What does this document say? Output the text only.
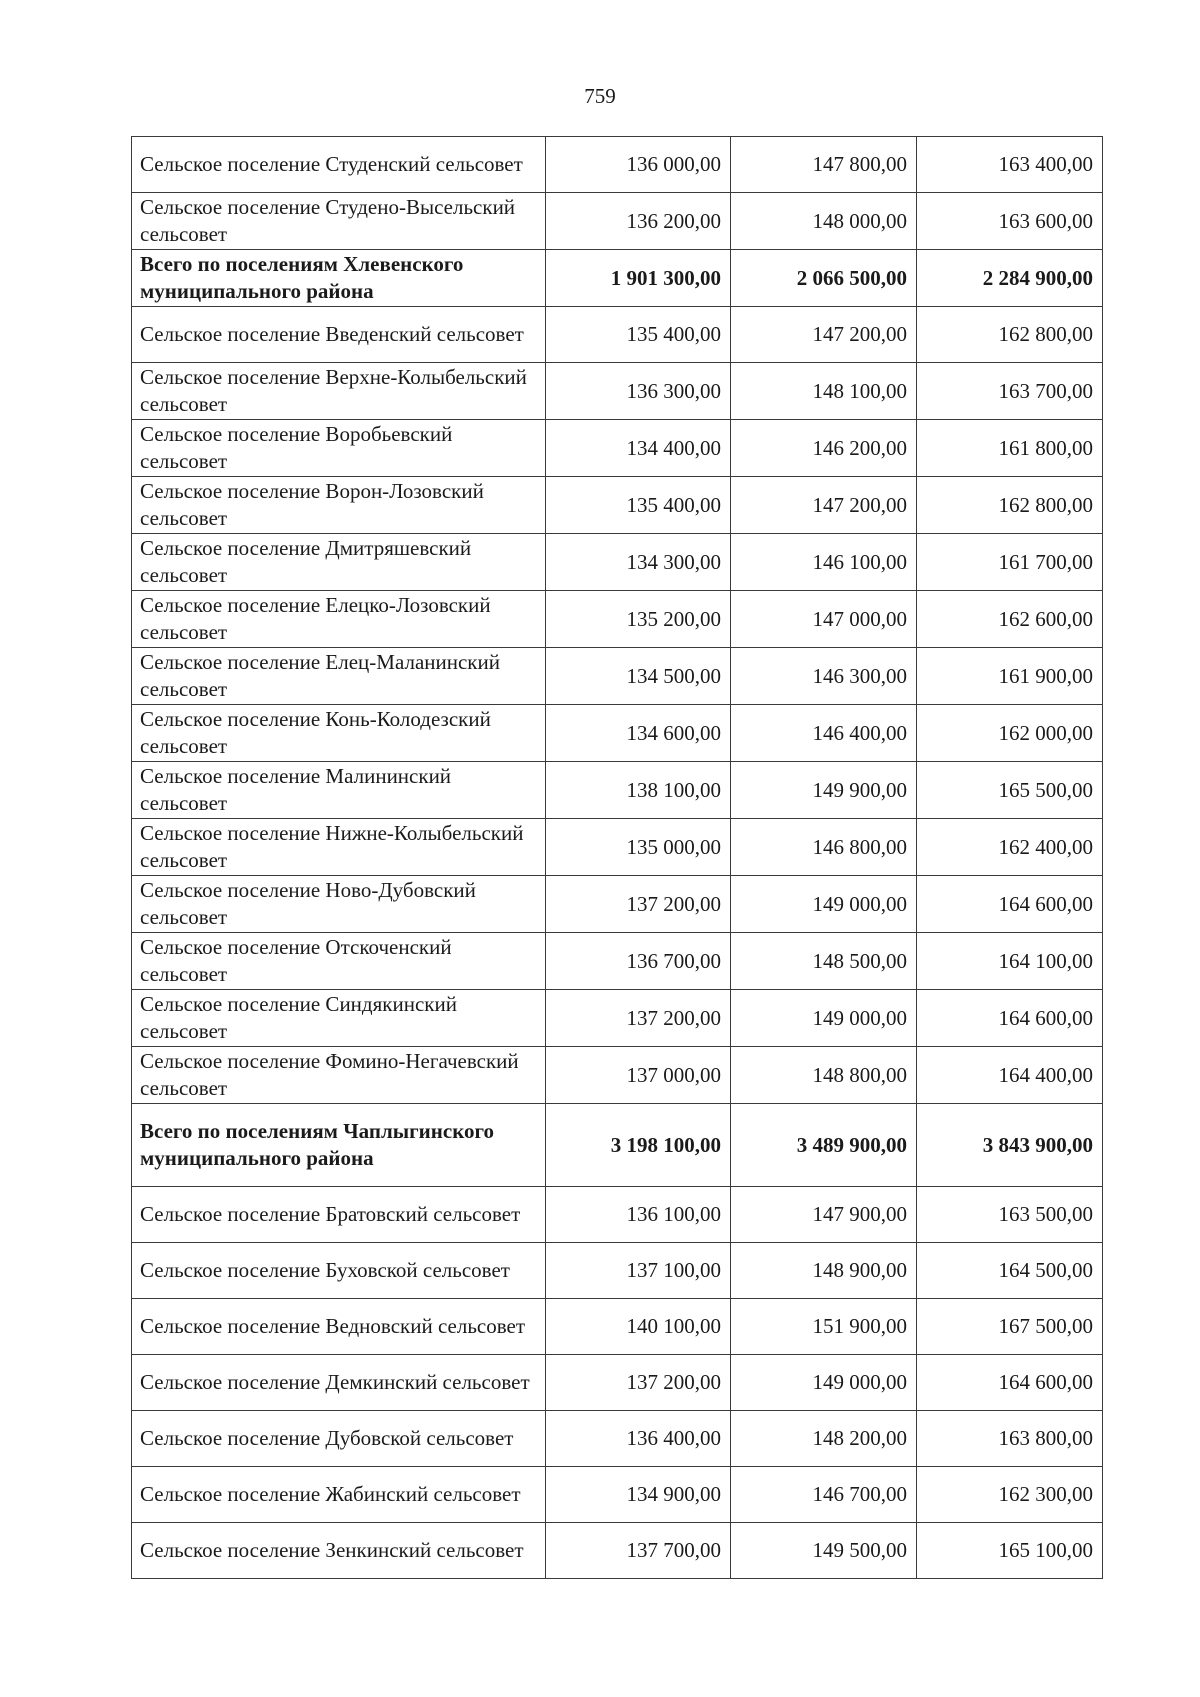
759
Сельское поселение Студенский сельсовет	136 000,00	147 800,00	163 400,00
Сельское поселение Студено-Высельский сельсовет	136 200,00	148 000,00	163 600,00
Всего по поселениям Хлевенского муниципального района	1 901 300,00	2 066 500,00	2 284 900,00
Сельское поселение Введенский сельсовет	135 400,00	147 200,00	162 800,00
Сельское поселение Верхне-Колыбельский сельсовет	136 300,00	148 100,00	163 700,00
Сельское поселение Воробьевский сельсовет	134 400,00	146 200,00	161 800,00
Сельское поселение Ворон-Лозовский сельсовет	135 400,00	147 200,00	162 800,00
Сельское поселение Дмитряшевский сельсовет	134 300,00	146 100,00	161 700,00
Сельское поселение Елецко-Лозовский сельсовет	135 200,00	147 000,00	162 600,00
Сельское поселение Елец-Маланинский сельсовет	134 500,00	146 300,00	161 900,00
Сельское поселение Конь-Колодезский сельсовет	134 600,00	146 400,00	162 000,00
Сельское поселение Малининский сельсовет	138 100,00	149 900,00	165 500,00
Сельское поселение Нижне-Колыбельский сельсовет	135 000,00	146 800,00	162 400,00
Сельское поселение Ново-Дубовский сельсовет	137 200,00	149 000,00	164 600,00
Сельское поселение Отскоченский сельсовет	136 700,00	148 500,00	164 100,00
Сельское поселение Синдякинский сельсовет	137 200,00	149 000,00	164 600,00
Сельское поселение Фомино-Негачевский сельсовет	137 000,00	148 800,00	164 400,00
Всего по поселениям Чаплыгинского муниципального района	3 198 100,00	3 489 900,00	3 843 900,00
Сельское поселение Братовский сельсовет	136 100,00	147 900,00	163 500,00
Сельское поселение Буховской сельсовет	137 100,00	148 900,00	164 500,00
Сельское поселение Ведновский сельсовет	140 100,00	151 900,00	167 500,00
Сельское поселение Демкинский сельсовет	137 200,00	149 000,00	164 600,00
Сельское поселение Дубовской сельсовет	136 400,00	148 200,00	163 800,00
Сельское поселение Жабинский сельсовет	134 900,00	146 700,00	162 300,00
Сельское поселение Зенкинский сельсовет	137 700,00	149 500,00	165 100,00
